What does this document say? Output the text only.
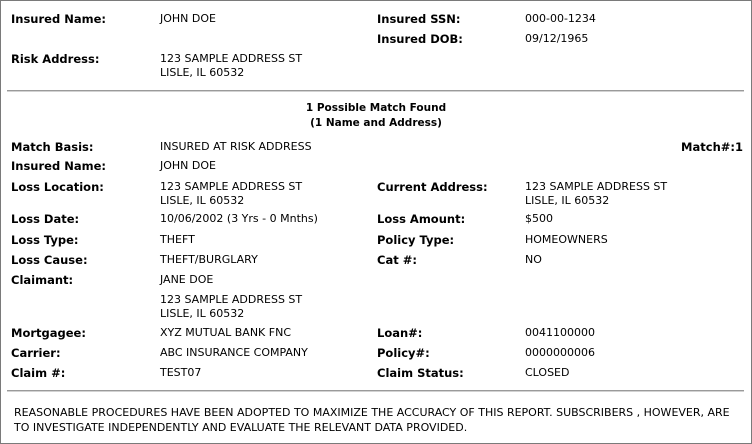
Insured Name:	JOHN DOE	Insured SSN:	000-00-1234
Insured DOB:	09/12/1965
Risk Address:	123 SAMPLE ADDRESS ST
LISLE, IL 60532
1 Possible Match Found
(1 Name and Address)
Match Basis:	INSURED AT RISK ADDRESS	Match#:1
Insured Name:	JOHN DOE
Loss Location:	123 SAMPLE ADDRESS ST
LISLE, IL 60532
Current Address:	123 SAMPLE ADDRESS ST
LISLE, IL 60532
Loss Date:	10/06/2002 (3 Yrs - 0 Mnths)	Loss Amount:	$500
Loss Type:	THEFT	Policy Type:	HOMEOWNERS
Loss Cause:	THEFT/BURGLARY	Cat #:	NO
Claimant:	JANE DOE
123 SAMPLE ADDRESS ST
LISLE, IL 60532
Mortgagee:	XYZ MUTUAL BANK FNC	Loan#:	0041100000
Carrier:	ABC INSURANCE COMPANY	Policy#:	0000000006
Claim #:	TEST07	Claim Status:	CLOSED
REASONABLE PROCEDURES HAVE BEEN ADOPTED TO MAXIMIZE THE ACCURACY OF THIS REPORT. SUBSCRIBERS , HOWEVER, ARE TO INVESTIGATE INDEPENDENTLY AND EVALUATE THE RELEVANT DATA PROVIDED.
